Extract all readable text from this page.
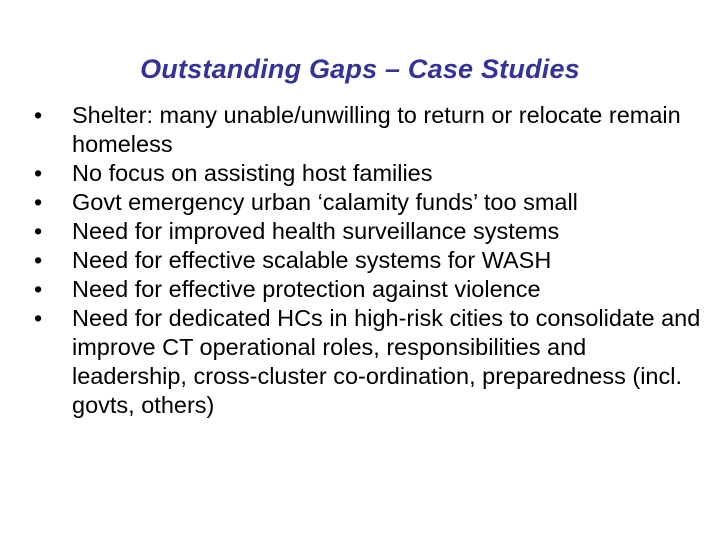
Outstanding Gaps – Case Studies
• Shelter: many unable/unwilling to return or relocate remain homeless
• No focus on assisting host families
• Govt emergency urban ‘calamity funds’ too small
• Need for improved health surveillance systems
• Need for effective scalable systems for WASH
• Need for effective protection against violence
• Need for dedicated HCs in high-risk cities to consolidate and improve CT operational roles, responsibilities and leadership, cross-cluster co-ordination, preparedness (incl. govts, others)
